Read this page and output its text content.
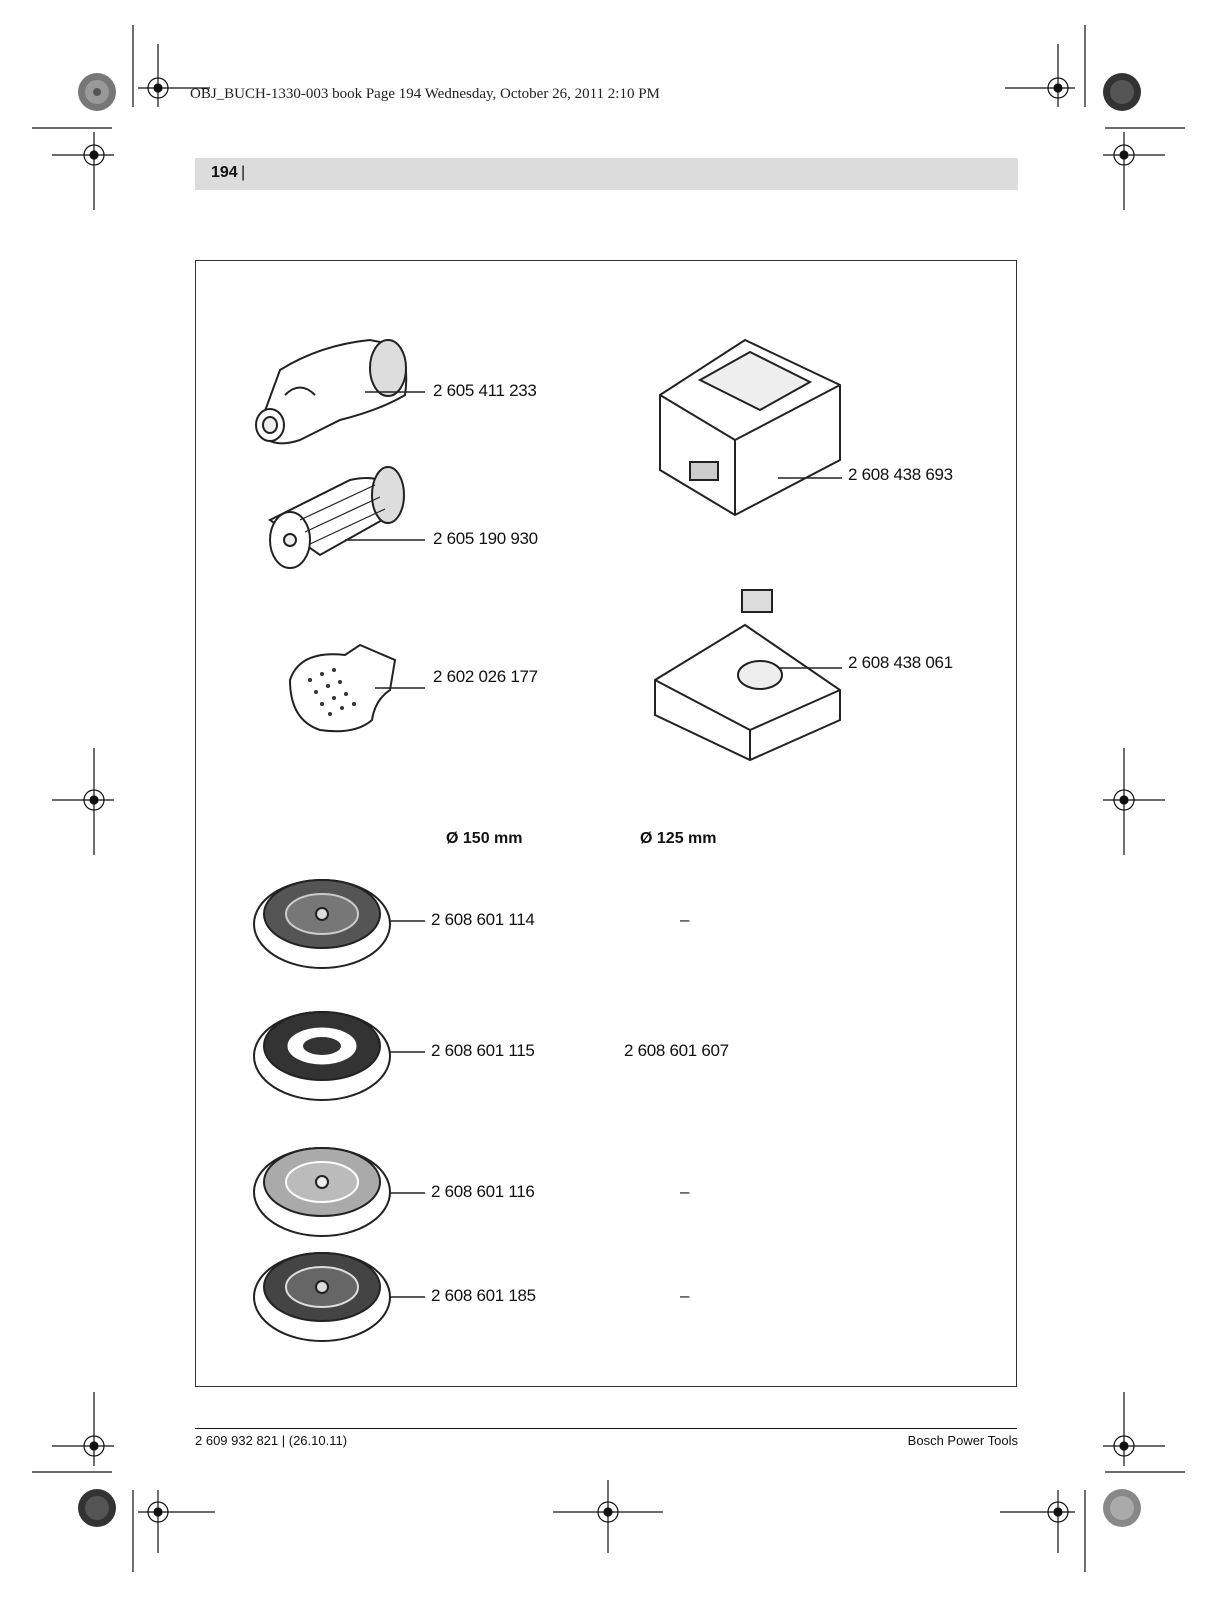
OBJ_BUCH-1330-003 book Page 194 Wednesday, October 26, 2011 2:10 PM
194 |
2 605 411 233
2 605 190 930
2 602 026 177
2 608 438 693
2 608 438 061
Ø 150 mm	Ø 125 mm
2 608 601 114	–
2 608 601 115	2 608 601 607
2 608 601 116	–
2 608 601 185	–
2 609 932 821 | (26.10.11)	Bosch Power Tools
